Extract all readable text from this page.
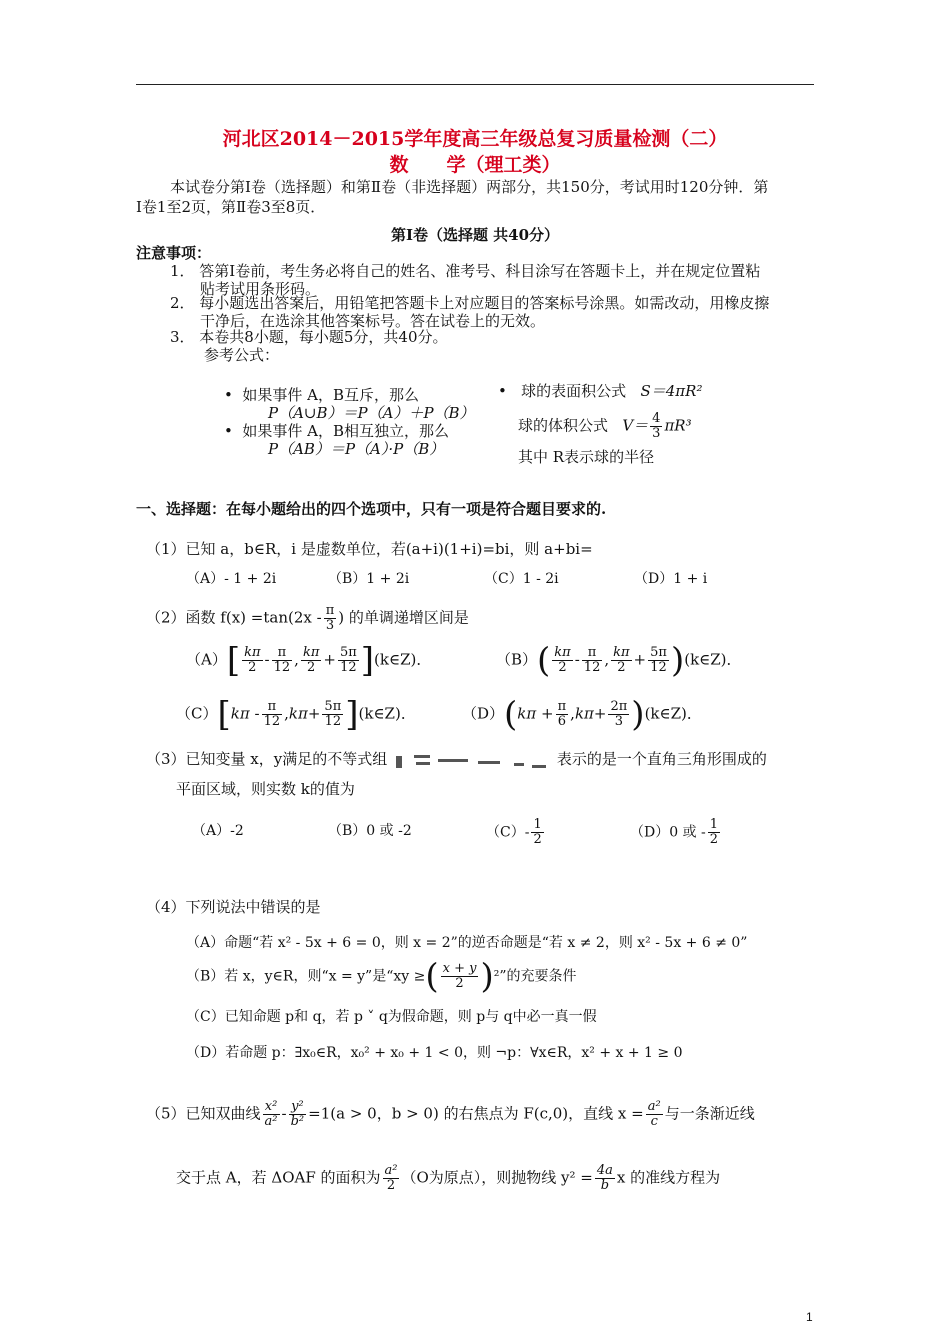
河北区2014－2015学年度高三年级总复习质量检测（二）
数　　学（理工类）
本试卷分第Ⅰ卷（选择题）和第Ⅱ卷（非选择题）两部分，共150分，考试用时120分钟．第
Ⅰ卷1至2页，第Ⅱ卷3至8页．
第Ⅰ卷（选择题 共40分）
注意事项：
1． 答第Ⅰ卷前，考生务必将自己的姓名、准考号、科目涂写在答题卡上，并在规定位置粘
贴考试用条形码。
2． 每小题选出答案后，用铅笔把答题卡上对应题目的答案标号涂黑。如需改动，用橡皮擦
干净后，在选涂其他答案标号。答在试卷上的无效。
3． 本卷共8小题，每小题5分，共40分。
参考公式：
•  如果事件 A，B互斥，那么
P（A∪B）＝P（A）＋P（B）
•  如果事件 A，B相互独立，那么
P（AB）＝P（A）·P（B）
•   球的表面积公式 S＝4πR²
球的体积公式 $V= \frac{4}{3} \pi R^3$
其中 R表示球的半径
一、选择题：在每小题给出的四个选项中，只有一项是符合题目要求的.
（1）已知 a，b∈R，i 是虚数单位，若(a+i)(1+i)=bi，则 a+bi=
（A）- 1 + 2i	（B）1 + 2i	（C）1 - 2i	（D）1 + i
（2）函数 $f(x) =\tan(2x - \frac{\pi}{3}$ ) 的单调递增区间是
$(A)[ \frac{k\pi}{2} - \frac{\pi}{12}$ , $\frac{k\pi}{2} + \frac{5\pi}{12}$ ](k∈Z)．	$(B)( \frac{k\pi}{2} - \frac{\pi}{12}$ , $\frac{k\pi}{2} + \frac{5\pi}{12}$ )(k∈Z)．
$(C)[k\pi - \frac{\pi}{12} ,k\pi+ \frac{5\pi}{12}$ ](k∈Z)．	$(D)(k\pi + \frac{\pi}{6} ,k\pi+ \frac{2\pi}{3}$ )(k∈Z)．
（3）已知变量 x，y满足的不等式组	表示的是一个直角三角形围成的
平面区域，则实数 k的值为
（A）-2	（B）0 或 -2	$(C)- \frac{1}{2}$	（D）0 或 - $\frac{1}{2}$
（4）下列说法中错误的是
（A）命题“若 x² - 5x + 6 = 0，则 x = 2”的逆否命题是“若 x ≠ 2，则 x² - 5x + 6 ≠ 0”
（B）若 x，y∈R，则“x = y”是“xy ≥( $\frac{x + y}{2} )^2$”的充要条件
（C）已知命题 p和 q，若 p ˅ q为假命题，则 p与 q中必一真一假
（D）若命题 p：∃x₀∈R，x₀² + x₀ + 1 < 0，则 ¬p：∀x∈R，x² + x + 1 ≥ 0
（5）已知双曲线 $\frac{\text{x²}}{\text{a²}} - \frac{\text{y²}}{\text{b²}} =1(a > 0$，b > 0) 的右焦点为 F(c,0)，直线 $x = \frac{\text{a²}}{c}$ 与一条渐近线
交于点 A，若 ΔOAF 的面积为 $\frac{\text{a²}}{2} (O$为原点），则抛物线 $y^2 = \frac{4a}{b}$ x 的准线方程为
1
